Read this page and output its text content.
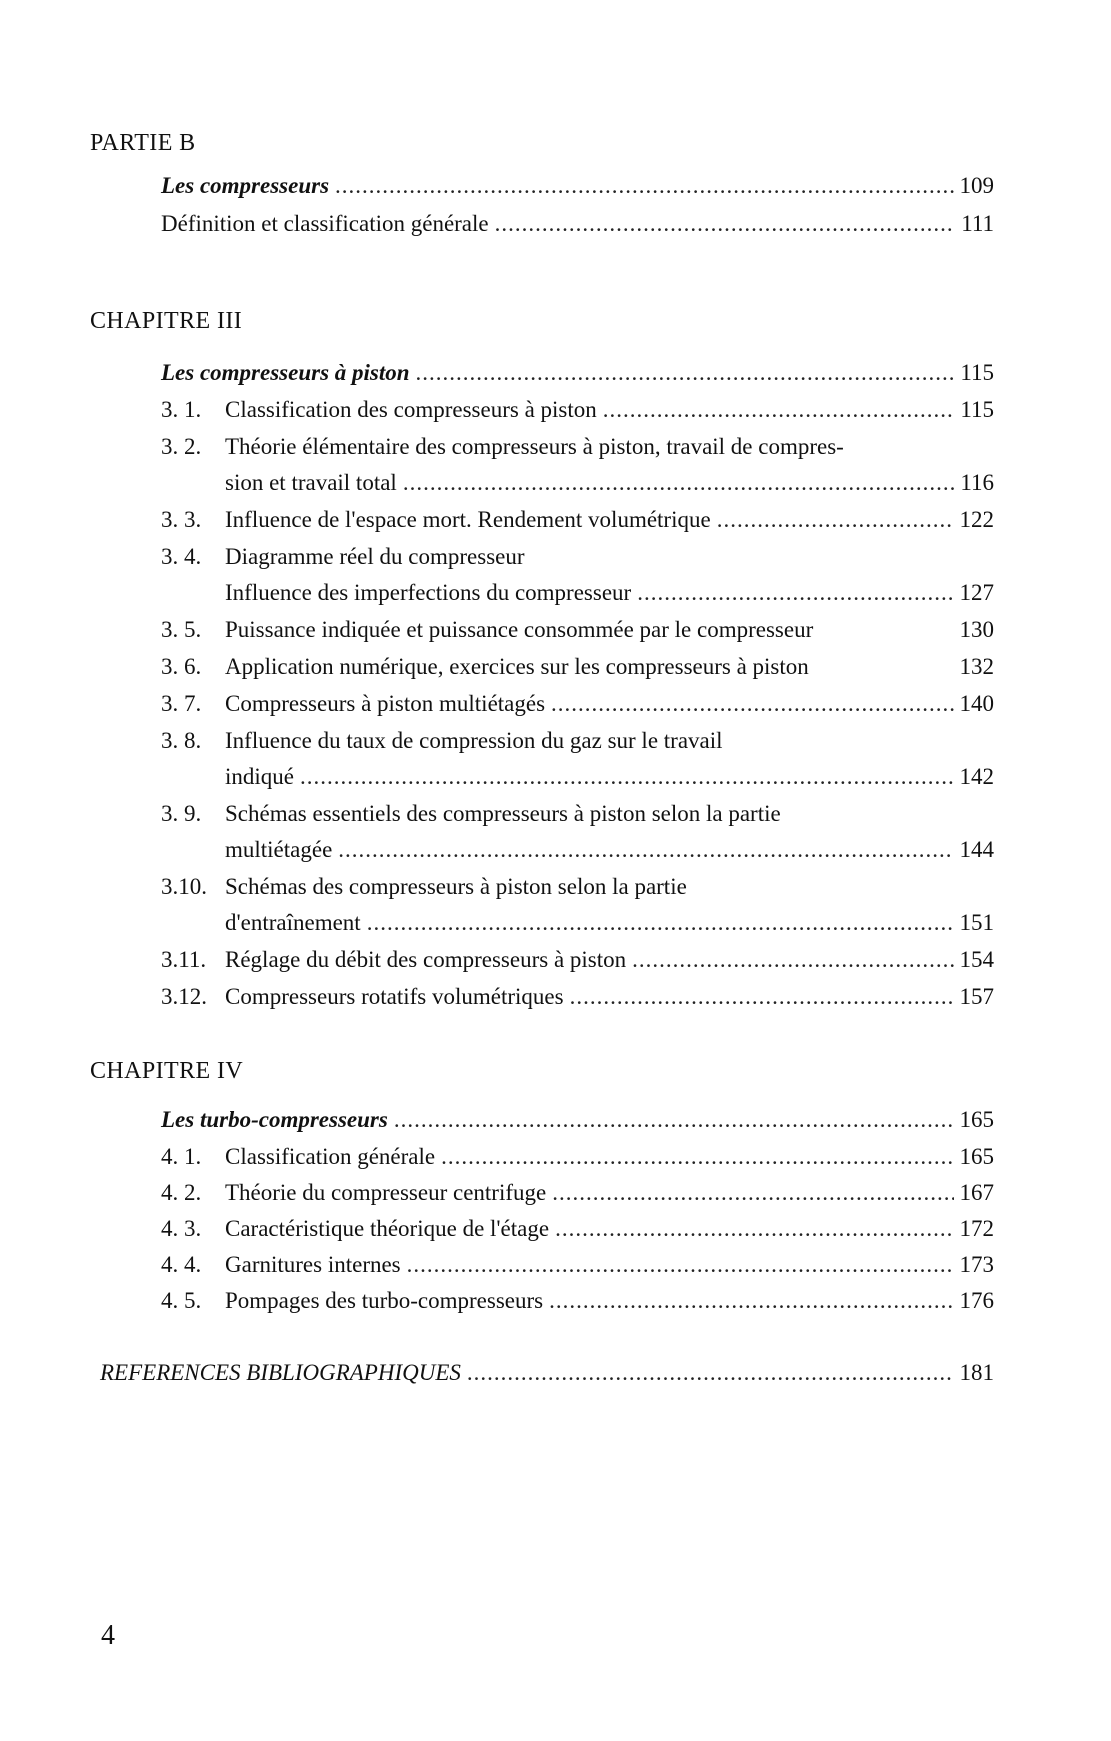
PARTIE B
Les compresseurs .....	109
Définition et classification générale .....	111
CHAPITRE III
Les compresseurs à piston .....	115
3. 1.	Classification des compresseurs à piston .....	115
3. 2.	Théorie élémentaire des compresseurs à piston, travail de compres-
sion et travail total .....	116
3. 3.	Influence de l'espace mort. Rendement volumétrique .....	122
3. 4.	Diagramme réel du compresseur
Influence des imperfections du compresseur .....	127
3. 5.	Puissance indiquée et puissance consommée par le compresseur	130
3. 6.	Application numérique, exercices sur les compresseurs à piston	132
3. 7.	Compresseurs à piston multiétagés .....	140
3. 8.	Influence du taux de compression du gaz sur le travail
indiqué .....	142
3. 9.	Schémas essentiels des compresseurs à piston selon la partie
multiétagée .....	144
3.10. Schémas des compresseurs à piston selon la partie
d'entraînement .....	151
3.11. Réglage du débit des compresseurs à piston .....	154
3.12. Compresseurs rotatifs volumétriques .....	157
CHAPITRE IV
Les turbo-compresseurs .....	165
4. 1.	Classification générale .....	165
4. 2.	Théorie du compresseur centrifuge .....	167
4. 3.	Caractéristique théorique de l'étage .....	172
4. 4.	Garnitures internes .....	173
4. 5.	Pompages des turbo-compresseurs .....	176
REFERENCES BIBLIOGRAPHIQUES .....	181
4
